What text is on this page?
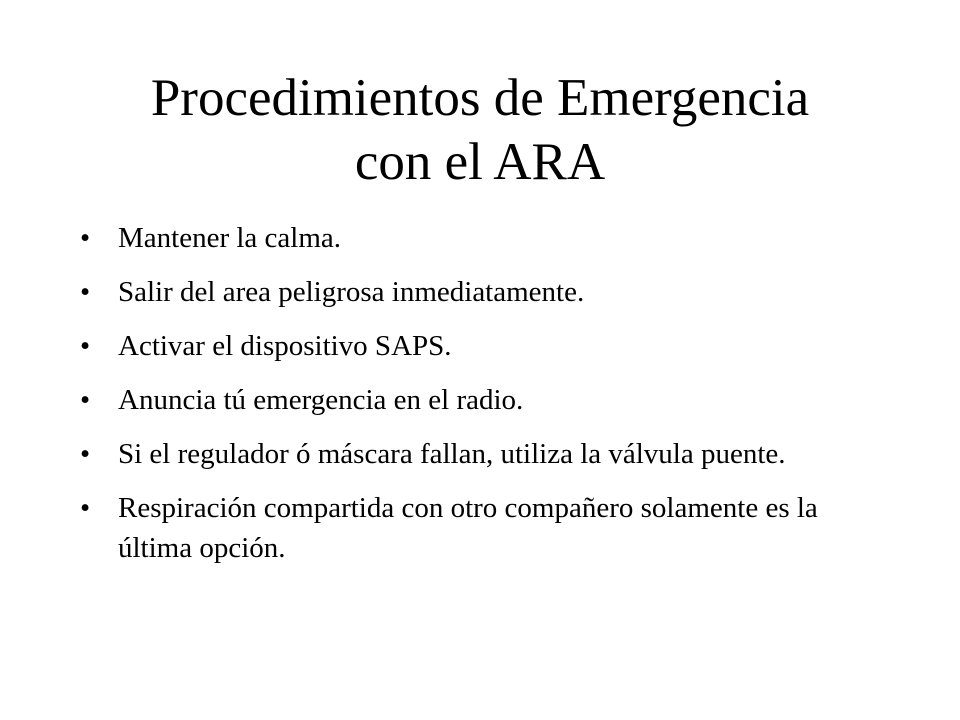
Procedimientos de Emergencia
con el ARA
• Mantener la calma.
• Salir del area peligrosa inmediatamente.
• Activar el dispositivo SAPS.
• Anuncia tú emergencia en el radio.
• Si el regulador ó máscara fallan, utiliza la válvula puente.
• Respiración compartida con otro compañero solamente es la última opción.
